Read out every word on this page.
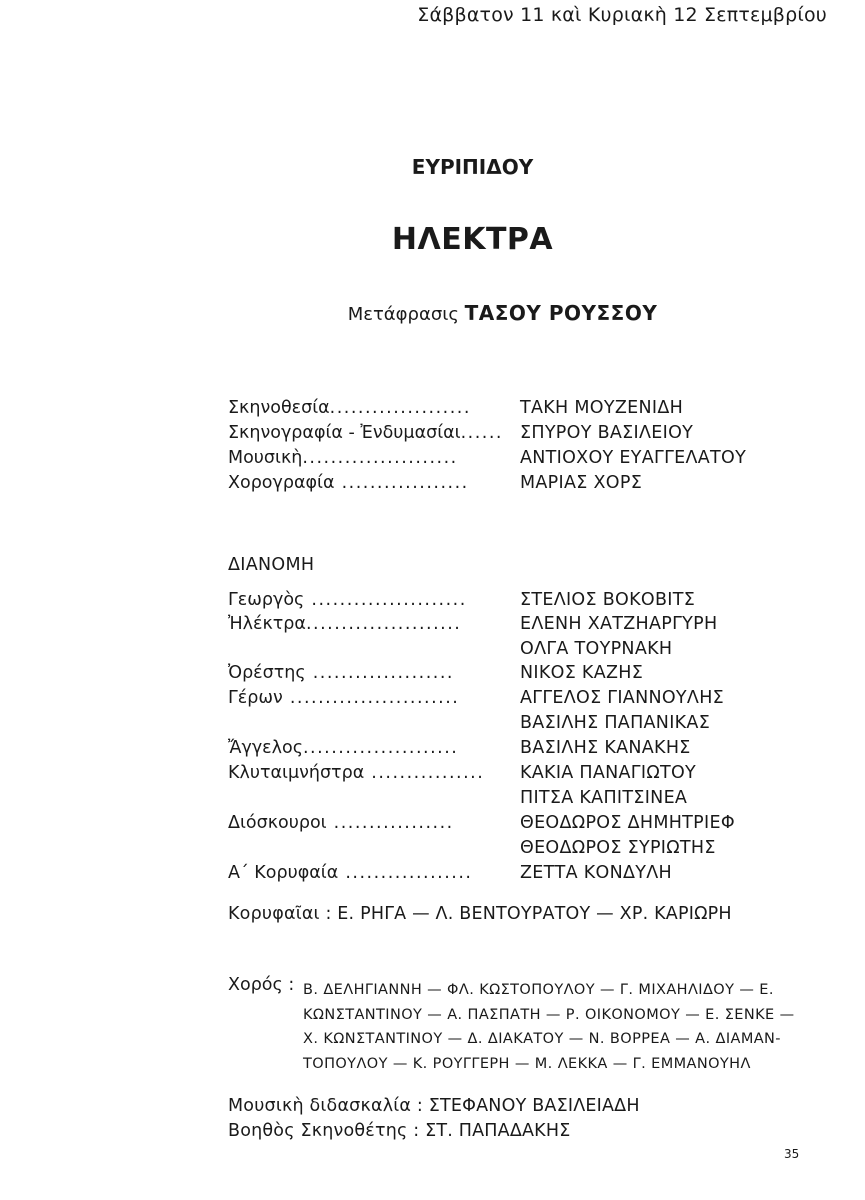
Σάββατον 11 καὶ Κυριακὴ 12 Σεπτεμβρίου
ΕΥΡΙΠΙΔΟΥ
ΗΛΕΚΤΡΑ
Μετάφρασις ΤΑΣΟΥ ΡΟΥΣΣΟΥ
Σκηνοθεσία....................	ΤΑΚΗ ΜΟΥΖΕΝΙΔΗ
Σκηνογραφία - Ἐνδυμασίαι...... ΣΠΥΡΟΥ ΒΑΣΙΛΕΙΟΥ
Μουσικὴ......................	ΑΝΤΙΟΧΟΥ ΕΥΑΓΓΕΛΑΤΟΥ
Χορογραφία ..................	ΜΑΡΙΑΣ ΧΟΡΣ
ΔΙΑΝΟΜΗ
Γεωργὸς ......................	ΣΤΕΛΙΟΣ ΒΟΚΟΒΙΤΣ
Ἠλέκτρα......................	ΕΛΕΝΗ ΧΑΤΖΗΑΡΓΥΡΗ
ΟΛΓΑ ΤΟΥΡΝΑΚΗ
Ὀρέστης ....................	ΝΙΚΟΣ ΚΑΖΗΣ
Γέρων ........................	ΑΓΓΕΛΟΣ ΓΙΑΝΝΟΥΛΗΣ
ΒΑΣΙΛΗΣ ΠΑΠΑΝΙΚΑΣ
Ἄγγελος......................	ΒΑΣΙΛΗΣ ΚΑΝΑΚΗΣ
Κλυταιμνήστρα ................ ΚΑΚΙΑ ΠΑΝΑΓΙΩΤΟΥ
ΠΙΤΣΑ ΚΑΠΙΤΣΙΝΕΑ
Διόσκουροι .................	ΘΕΟΔΩΡΟΣ ΔΗΜΗΤΡΙΕΦ
ΘΕΟΔΩΡΟΣ ΣΥΡΙΩΤΗΣ
Α΄ Κορυφαία ..................	ΖΕΤΤΑ ΚΟΝΔΥΛΗ
Κορυφαῖαι : Ε. ΡΗΓΑ — Λ. ΒΕΝΤΟΥΡΑΤΟΥ — ΧΡ. ΚΑΡΙΩΡΗ
Χορός : Β. ΔΕΛΗΓΙΑΝΝΗ — ΦΛ. ΚΩΣΤΟΠΟΥΛΟΥ — Γ. ΜΙΧΑΗΛΙΔΟΥ — Ε.
ΚΩΝΣΤΑΝΤΙΝΟΥ — Α. ΠΑΣΠΑΤΗ — Ρ. ΟΙΚΟΝΟΜΟΥ — Ε. ΣΕΝΚΕ —
Χ. ΚΩΝΣΤΑΝΤΙΝΟΥ — Δ. ΔΙΑΚΑΤΟΥ — Ν. ΒΟΡΡΕΑ — Α. ΔΙΑΜΑΝ-
ΤΟΠΟΥΛΟΥ — Κ. ΡΟΥΓΓΕΡΗ — Μ. ΛΕΚΚΑ — Γ. ΕΜΜΑΝΟΥΗΛ
Μουσικὴ διδασκαλία : ΣΤΕΦΑΝΟΥ ΒΑΣΙΛΕΙΑΔΗ
Βοηθὸς Σκηνοθέτης : ΣΤ. ΠΑΠΑΔΑΚΗΣ
35
